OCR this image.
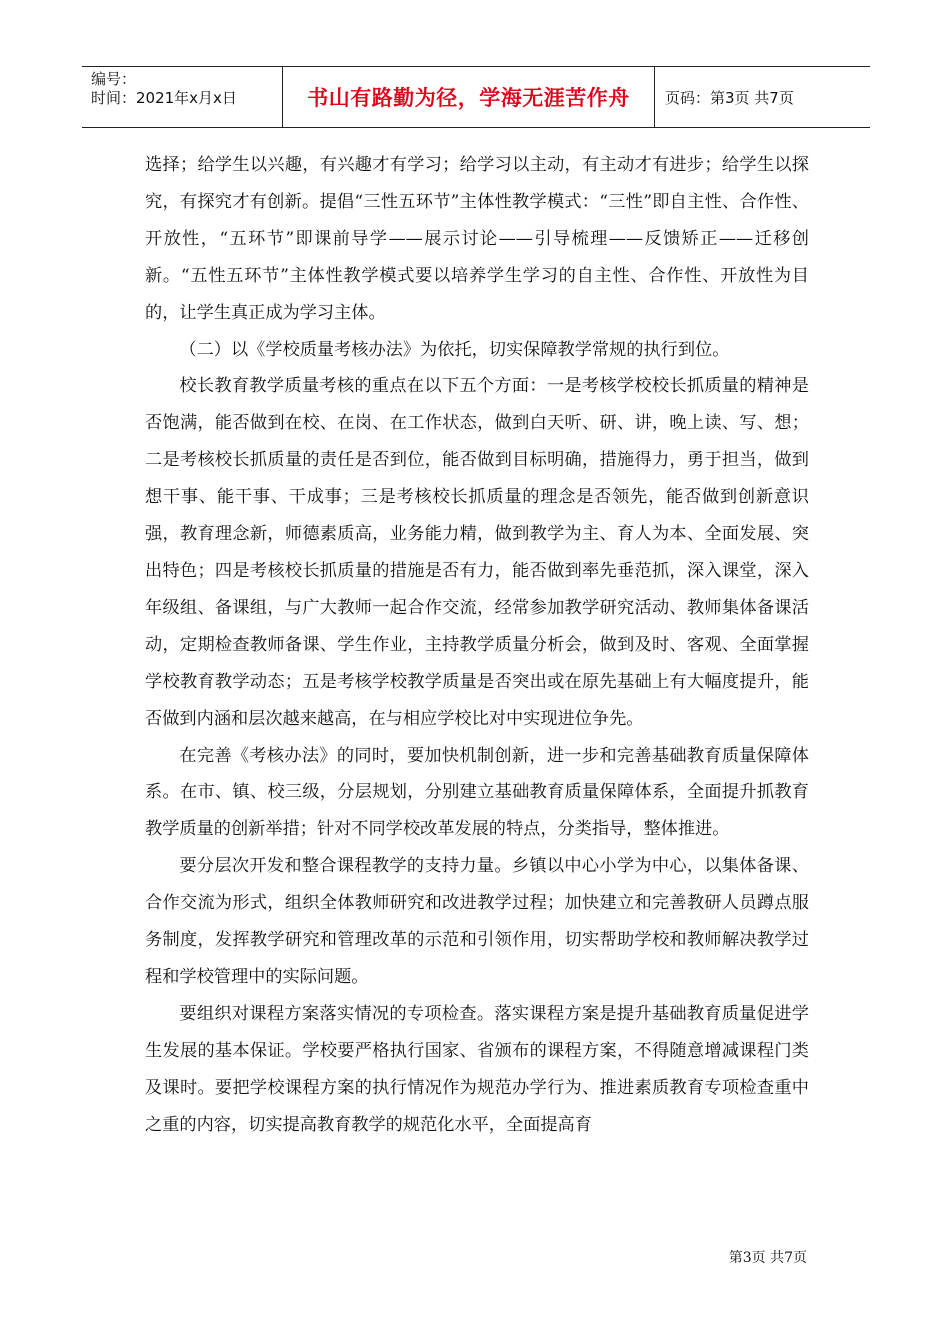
编号：
时间：2021年x月x日	书山有路勤为径，学海无涯苦作舟	页码：第3页 共7页

选择；给学生以兴趣，有兴趣才有学习；给学习以主动，有主动才有进步；给学生以探究，有探究才有创新。提倡“三性五环节”主体性教学模式：“三性”即自主性、合作性、开放性，“五环节”即课前导学——展示讨论——引导梳理——反馈矫正——迁移创新。“五性五环节”主体性教学模式要以培养学生学习的自主性、合作性、开放性为目的，让学生真正成为学习主体。

（二）以《学校质量考核办法》为依托，切实保障教学常规的执行到位。

校长教育教学质量考核的重点在以下五个方面：一是考核学校校长抓质量的精神是否饱满，能否做到在校、在岗、在工作状态，做到白天听、研、讲，晚上读、写、想；二是考核校长抓质量的责任是否到位，能否做到目标明确，措施得力，勇于担当，做到想干事、能干事、干成事；三是考核校长抓质量的理念是否领先，能否做到创新意识强，教育理念新，师德素质高，业务能力精，做到教学为主、育人为本、全面发展、突出特色；四是考核校长抓质量的措施是否有力，能否做到率先垂范抓，深入课堂，深入年级组、备课组，与广大教师一起合作交流，经常参加教学研究活动、教师集体备课活动，定期检查教师备课、学生作业，主持教学质量分析会，做到及时、客观、全面掌握学校教育教学动态；五是考核学校教学质量是否突出或在原先基础上有大幅度提升，能否做到内涵和层次越来越高，在与相应学校比对中实现进位争先。

在完善《考核办法》的同时，要加快机制创新，进一步和完善基础教育质量保障体系。在市、镇、校三级，分层规划，分别建立基础教育质量保障体系，全面提升抓教育教学质量的创新举措；针对不同学校改革发展的特点，分类指导，整体推进。

要分层次开发和整合课程教学的支持力量。乡镇以中心小学为中心，以集体备课、合作交流为形式，组织全体教师研究和改进教学过程；加快建立和完善教研人员蹲点服务制度，发挥教学研究和管理改革的示范和引领作用，切实帮助学校和教师解决教学过程和学校管理中的实际问题。

要组织对课程方案落实情况的专项检查。落实课程方案是提升基础教育质量促进学生发展的基本保证。学校要严格执行国家、省颁布的课程方案，不得随意增减课程门类及课时。要把学校课程方案的执行情况作为规范办学行为、推进素质教育专项检查重中之重的内容，切实提高教育教学的规范化水平，全面提高育

第3页 共7页
